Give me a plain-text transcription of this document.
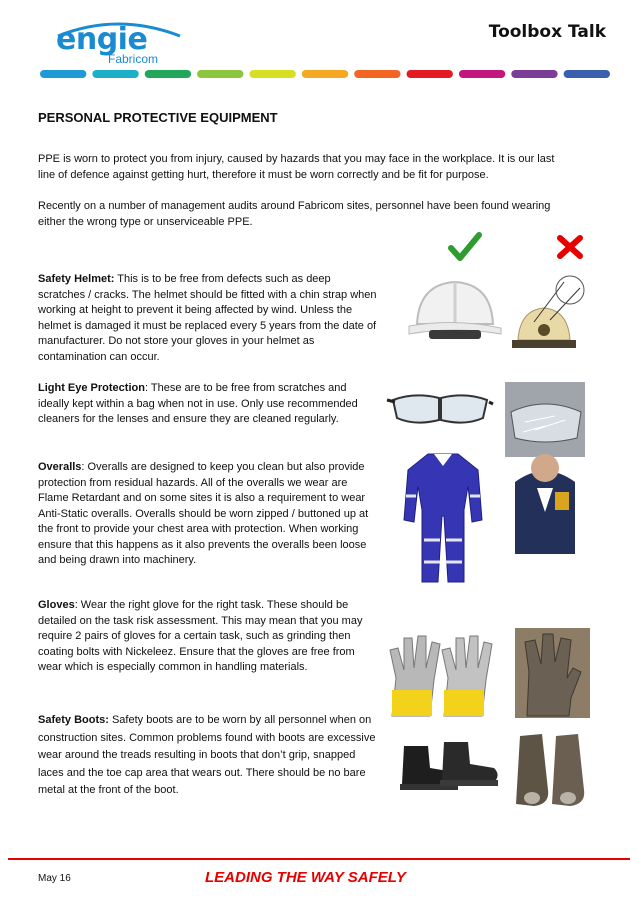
engie
Fabricom
Toolbox Talk
PERSONAL PROTECTIVE EQUIPMENT
PPE is worn to protect you from injury, caused by hazards that you may face in the workplace. It is our last line of defence against getting hurt, therefore it must be worn correctly and be fit for purpose.
Recently on a number of management audits around Fabricom sites, personnel have been found wearing either the wrong type or unserviceable PPE.
Safety Helmet: This is to be free from defects such as deep scratches / cracks. The helmet should be fitted with a chin strap when working at height to prevent it being affected by wind. Unless the helmet is damaged it must be replaced every 5 years from the date of manufacturer. Do not store your gloves in your helmet as contamination can occur.
Light Eye Protection: These are to be free from scratches and ideally kept within a bag when not in use. Only use recommended cleaners for the lenses and ensure they are cleaned regularly.
Overalls: Overalls are designed to keep you clean but also provide protection from residual hazards. All of the overalls we wear are Flame Retardant and on some sites it is also a requirement to wear Anti-Static overalls. Overalls should be worn zipped / buttoned up at the front to provide your chest area with protection. When working ensure that this happens as it also prevents the overalls been loose and being drawn into machinery.
Gloves: Wear the right glove for the right task. These should be detailed on the task risk assessment. This may mean that you may require 2 pairs of gloves for a certain task, such as grinding then coating bolts with Nickeleez. Ensure that the gloves are free from wear which is especially common in handling materials.
Safety Boots: Safety boots are to be worn by all personnel when on construction sites. Common problems found with boots are excessive wear around the treads resulting in boots that don’t grip, snapped laces and the toe cap area that wears out. There should be no bare metal at the front of the boot.
May 16	LEADING THE WAY SAFELY
